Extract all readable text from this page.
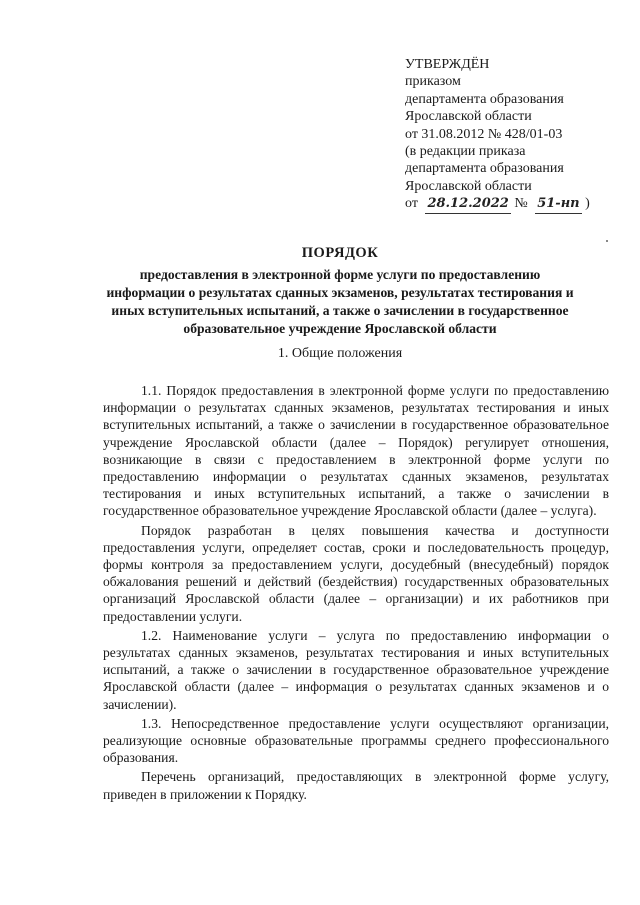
УТВЕРЖДЁН
приказом
департамента образования
Ярославской области
от 31.08.2012 № 428/01-03
(в редакции приказа
департамента образования
Ярославской области
от 28.12.2022 № 51-нп )
ПОРЯДОК
предоставления в электронной форме услуги по предоставлению информации о результатах сданных экзаменов, результатах тестирования и иных вступительных испытаний, а также о зачислении в государственное образовательное учреждение Ярославской области
1. Общие положения

1.1. Порядок предоставления в электронной форме услуги по предоставлению информации о результатах сданных экзаменов, результатах тестирования и иных вступительных испытаний, а также о зачислении в государственное образовательное учреждение Ярославской области (далее – Порядок) регулирует отношения, возникающие в связи с предоставлением в электронной форме услуги по предоставлению информации о результатах сданных экзаменов, результатах тестирования и иных вступительных испытаний, а также о зачислении в государственное образовательное учреждение Ярославской области (далее – услуга).

Порядок разработан в целях повышения качества и доступности предоставления услуги, определяет состав, сроки и последовательность процедур, формы контроля за предоставлением услуги, досудебный (внесудебный) порядок обжалования решений и действий (бездействия) государственных образовательных организаций Ярославской области (далее – организации) и их работников при предоставлении услуги.

1.2. Наименование услуги – услуга по предоставлению информации о результатах сданных экзаменов, результатах тестирования и иных вступительных испытаний, а также о зачислении в государственное образовательное учреждение Ярославской области (далее – информация о результатах сданных экзаменов и о зачислении).

1.3. Непосредственное предоставление услуги осуществляют организации, реализующие основные образовательные программы среднего профессионального образования.

Перечень организаций, предоставляющих в электронной форме услугу, приведен в приложении к Порядку.
